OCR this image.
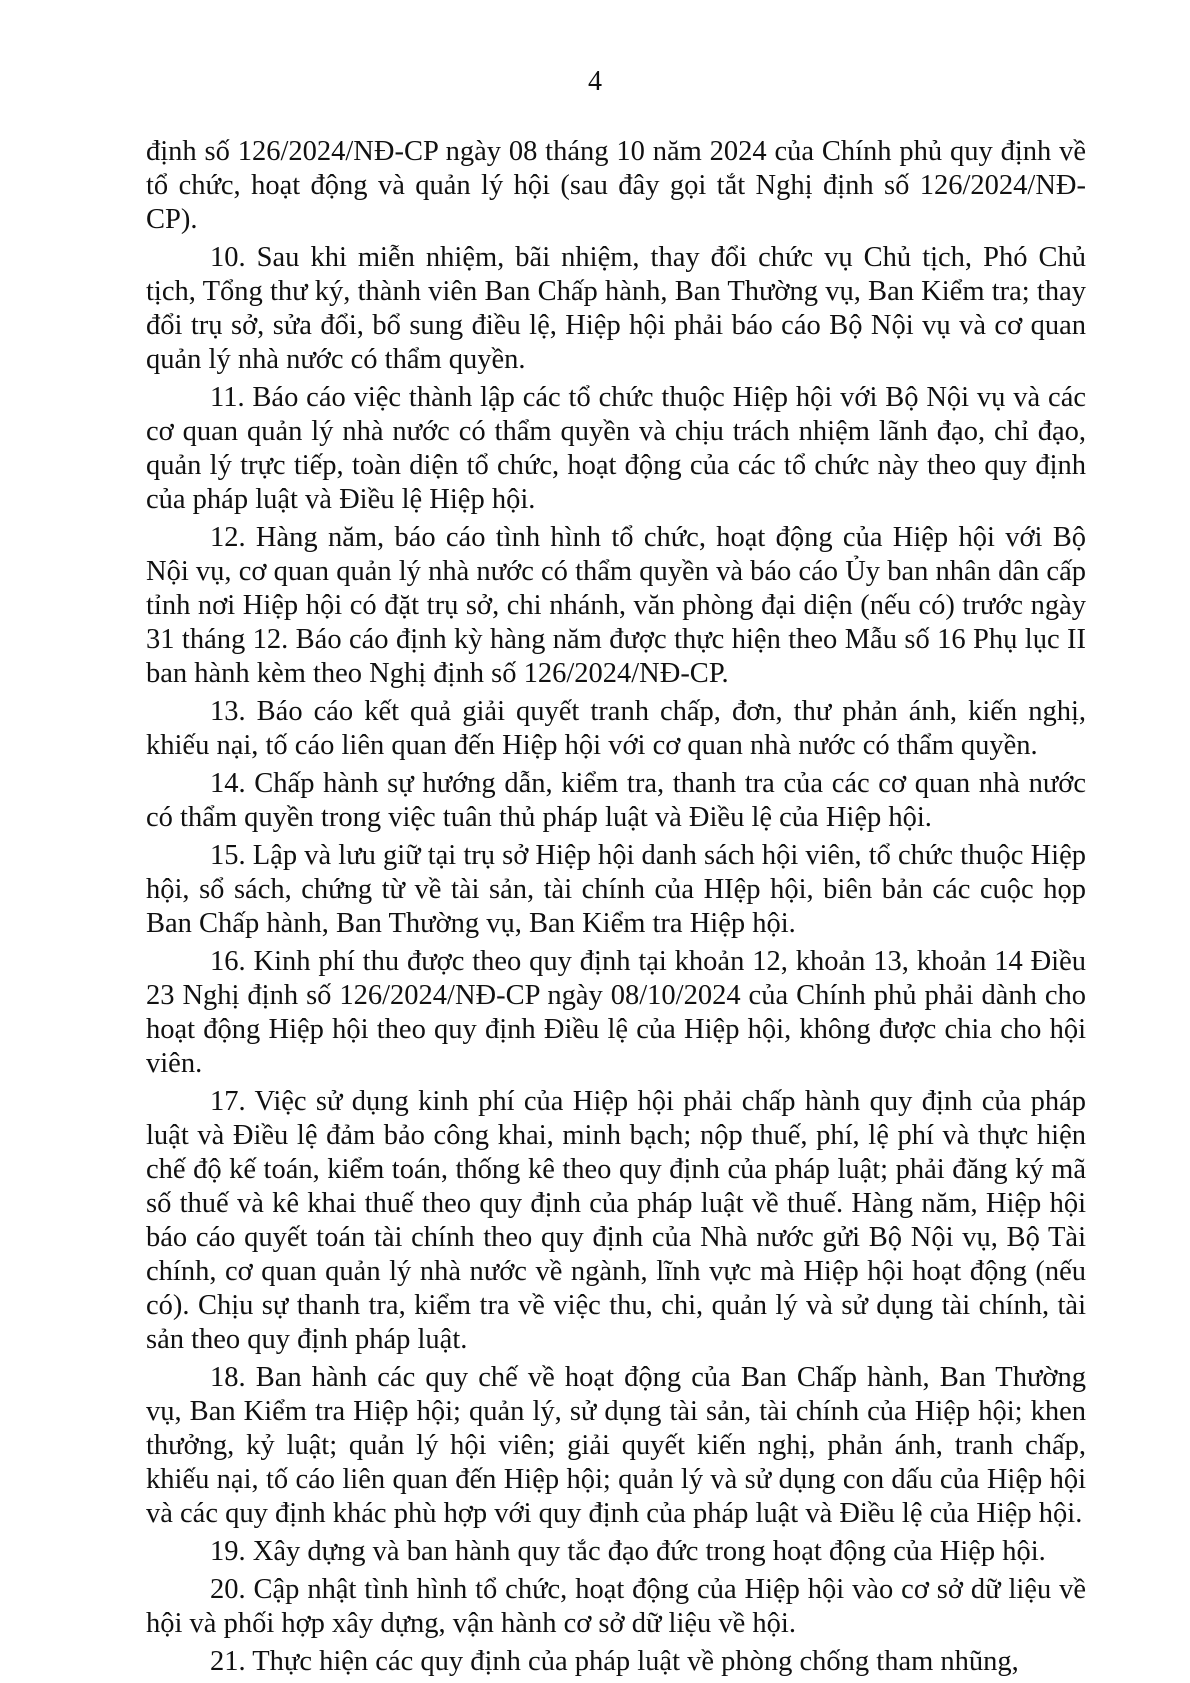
4

định số 126/2024/NĐ-CP ngày 08 tháng 10 năm 2024 của Chính phủ quy định về tổ chức, hoạt động và quản lý hội (sau đây gọi tắt Nghị định số 126/2024/NĐ-CP).

10. Sau khi miễn nhiệm, bãi nhiệm, thay đổi chức vụ Chủ tịch, Phó Chủ tịch, Tổng thư ký, thành viên Ban Chấp hành, Ban Thường vụ, Ban Kiểm tra; thay đổi trụ sở, sửa đổi, bổ sung điều lệ, Hiệp hội phải báo cáo Bộ Nội vụ và cơ quan quản lý nhà nước có thẩm quyền.

11. Báo cáo việc thành lập các tổ chức thuộc Hiệp hội với Bộ Nội vụ và các cơ quan quản lý nhà nước có thẩm quyền và chịu trách nhiệm lãnh đạo, chỉ đạo, quản lý trực tiếp, toàn diện tổ chức, hoạt động của các tổ chức này theo quy định của pháp luật và Điều lệ Hiệp hội.

12. Hàng năm, báo cáo tình hình tổ chức, hoạt động của Hiệp hội với Bộ Nội vụ, cơ quan quản lý nhà nước có thẩm quyền và báo cáo Ủy ban nhân dân cấp tỉnh nơi Hiệp hội có đặt trụ sở, chi nhánh, văn phòng đại diện (nếu có) trước ngày 31 tháng 12. Báo cáo định kỳ hàng năm được thực hiện theo Mẫu số 16 Phụ lục II ban hành kèm theo Nghị định số 126/2024/NĐ-CP.

13. Báo cáo kết quả giải quyết tranh chấp, đơn, thư phản ánh, kiến nghị, khiếu nại, tố cáo liên quan đến Hiệp hội với cơ quan nhà nước có thẩm quyền.

14. Chấp hành sự hướng dẫn, kiểm tra, thanh tra của các cơ quan nhà nước có thẩm quyền trong việc tuân thủ pháp luật và Điều lệ của Hiệp hội.

15. Lập và lưu giữ tại trụ sở Hiệp hội danh sách hội viên, tổ chức thuộc Hiệp hội, sổ sách, chứng từ về tài sản, tài chính của HIệp hội, biên bản các cuộc họp Ban Chấp hành, Ban Thường vụ, Ban Kiểm tra Hiệp hội.

16. Kinh phí thu được theo quy định tại khoản 12, khoản 13, khoản 14 Điều 23 Nghị định số 126/2024/NĐ-CP ngày 08/10/2024 của Chính phủ phải dành cho hoạt động Hiệp hội theo quy định Điều lệ của Hiệp hội, không được chia cho hội viên.

17. Việc sử dụng kinh phí của Hiệp hội phải chấp hành quy định của pháp luật và Điều lệ đảm bảo công khai, minh bạch; nộp thuế, phí, lệ phí và thực hiện chế độ kế toán, kiểm toán, thống kê theo quy định của pháp luật; phải đăng ký mã số thuế và kê khai thuế theo quy định của pháp luật về thuế. Hàng năm, Hiệp hội báo cáo quyết toán tài chính theo quy định của Nhà nước gửi Bộ Nội vụ, Bộ Tài chính, cơ quan quản lý nhà nước về ngành, lĩnh vực mà Hiệp hội hoạt động (nếu có). Chịu sự thanh tra, kiểm tra về việc thu, chi, quản lý và sử dụng tài chính, tài sản theo quy định pháp luật.

18. Ban hành các quy chế về hoạt động của Ban Chấp hành, Ban Thường vụ, Ban Kiểm tra Hiệp hội; quản lý, sử dụng tài sản, tài chính của Hiệp hội; khen thưởng, kỷ luật; quản lý hội viên; giải quyết kiến nghị, phản ánh, tranh chấp, khiếu nại, tố cáo liên quan đến Hiệp hội; quản lý và sử dụng con dấu của Hiệp hội và các quy định khác phù hợp với quy định của pháp luật và Điều lệ của Hiệp hội.

19. Xây dựng và ban hành quy tắc đạo đức trong hoạt động của Hiệp hội.

20. Cập nhật tình hình tổ chức, hoạt động của Hiệp hội vào cơ sở dữ liệu về hội và phối hợp xây dựng, vận hành cơ sở dữ liệu về hội.

21. Thực hiện các quy định của pháp luật về phòng chống tham nhũng,
